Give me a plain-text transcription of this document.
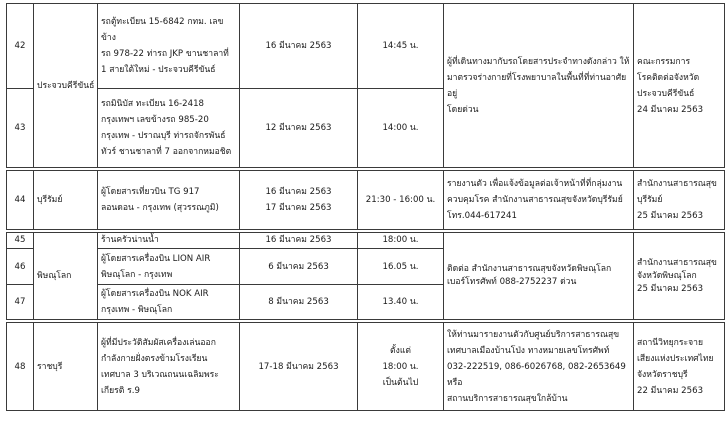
42	ประจวบคีรีขันธ์	รถตู้ทะเบียน 15-6842 กทม. เลขข้าง
รถ 978-22 ท่ารถ JKP ขานชาลาที่
1 สายใต้ใหม่ - ประจวบคีรีขันธ์	16 มีนาคม 2563	14:45 น.	ผู้ที่เดินทางมากับรถโดยสารประจำทางดังกล่าว ให้
มาตรวจร่างกายที่โรงพยาบาลในพื้นที่ที่ท่านอาศัยอยู่
โดยด่วน	คณะกรรมการ
โรคติดต่อจังหวัด
ประจวบคีรีขันธ์
24 มีนาคม 2563
43		รถมินิบัส ทะเบียน 16-2418
กรุงเทพฯ เลขข้างรถ 985-20
กรุงเทพ - ปราณบุรี ท่ารถจักรพันธ์
ทัวร์ ชานชาลาที่ 7 ออกจากหมอชิต	12 มีนาคม 2563	14:00 น.		

44	บุรีรัมย์	ผู้โดยสารเที่ยวบิน TG 917
ลอนดอน - กรุงเทพ (สุวรรณภูมิ)	16 มีนาคม 2563
17 มีนาคม 2563	21:30 - 16:00 น.	รายงานตัว เพื่อแจ้งข้อมูลต่อเจ้าหน้าที่ที่กลุ่มงาน
ควบคุมโรค สำนักงานสาธารณสุขจังหวัดบุรีรัมย์
โทร.044-617241	สำนักงานสาธารณสุข
บุรีรัมย์
25 มีนาคม 2563

45	พิษณุโลก	ร้านครัวน่านน้ำ	16 มีนาคม 2563	18:00 น.	ติดต่อ สำนักงานสาธารณสุขจังหวัดพิษณุโลก
เบอร์โทรศัพท์ 088-2752237 ด่วน	สำนักงานสาธารณสุข
จังหวัดพิษณุโลก
25 มีนาคม 2563
46		ผู้โดยสารเครื่องบิน LION AIR
พิษณุโลก - กรุงเทพ	6 มีนาคม 2563	16.05 น.		
47		ผู้โดยสารเครื่องบิน NOK AIR
กรุงเทพ - พิษณุโลก	8 มีนาคม 2563	13.40 น.		

48	ราชบุรี	ผู้ที่มีประวัติสัมผัสเครื่องเล่นออก
กำลังกายฝั่งตรงข้ามโรงเรียน
เทศบาล 3 บริเวณถนนเฉลิมพระ
เกียรติ ร.9	17-18 มีนาคม 2563	ตั้งแต่
18:00 น.
เป็นต้นไป	ให้ท่านมารายงานตัวกับศูนย์บริการสาธารณสุข
เทศบาลเมืองบ้านโป่ง ทางหมายเลขโทรศัพท์
032-222519, 086-6026768, 082-2653649 หรือ
สถานบริการสาธารณสุขใกล้บ้าน	สถานีวิทยุกระจาย
เสียงแห่งประเทศไทย
จังหวัดราชบุรี
22 มีนาคม 2563
